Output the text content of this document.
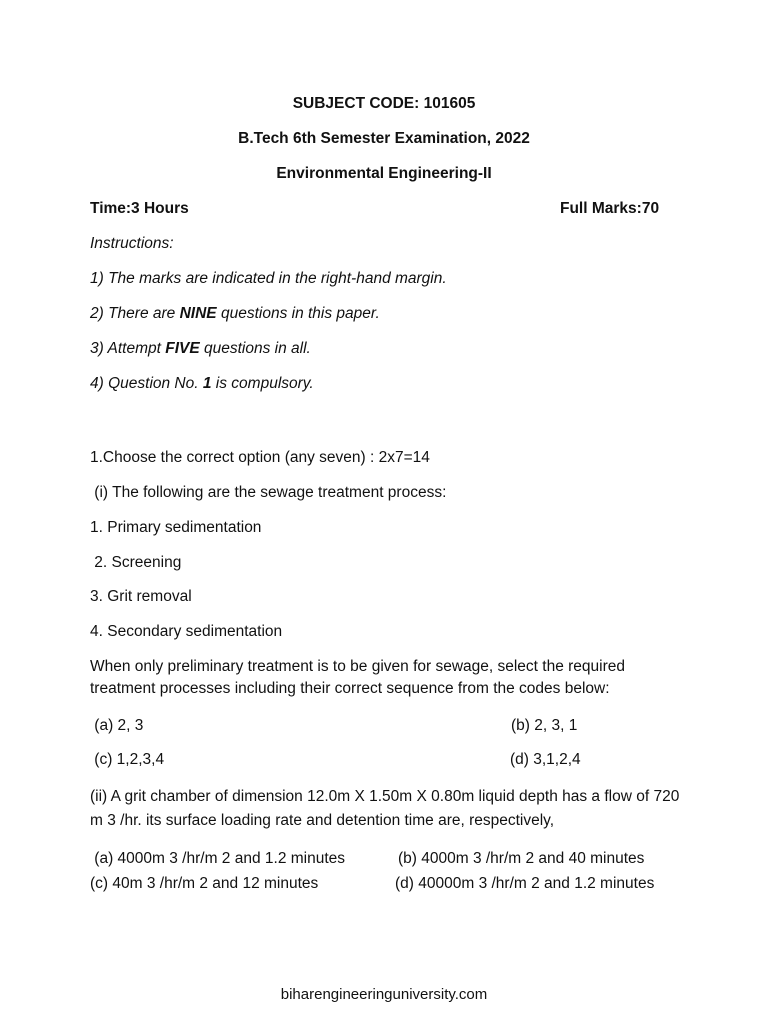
SUBJECT CODE: 101605
B.Tech 6th Semester Examination, 2022
Environmental Engineering-II
Time:3 Hours	Full Marks:70
Instructions:
1) The marks are indicated in the right-hand margin.
2) There are NINE questions in this paper.
3) Attempt FIVE questions in all.
4) Question No. 1 is compulsory.
1.Choose the correct option (any seven) : 2x7=14
(i) The following are the sewage treatment process:
1. Primary sedimentation
2. Screening
3. Grit removal
4. Secondary sedimentation
When only preliminary treatment is to be given for sewage, select the required treatment processes including their correct sequence from the codes below:
(a) 2, 3	(b) 2, 3, 1
(c) 1,2,3,4	(d) 3,1,2,4
(ii) A grit chamber of dimension 12.0m X 1.50m X 0.80m liquid depth has a flow of 720 m 3 /hr. its surface loading rate and detention time are, respectively,
(a) 4000m 3 /hr/m 2 and 1.2 minutes	(b) 4000m 3 /hr/m 2 and 40 minutes
(c) 40m 3 /hr/m 2 and 12 minutes	(d) 40000m 3 /hr/m 2 and 1.2 minutes
biharengineeringuniversity.com
